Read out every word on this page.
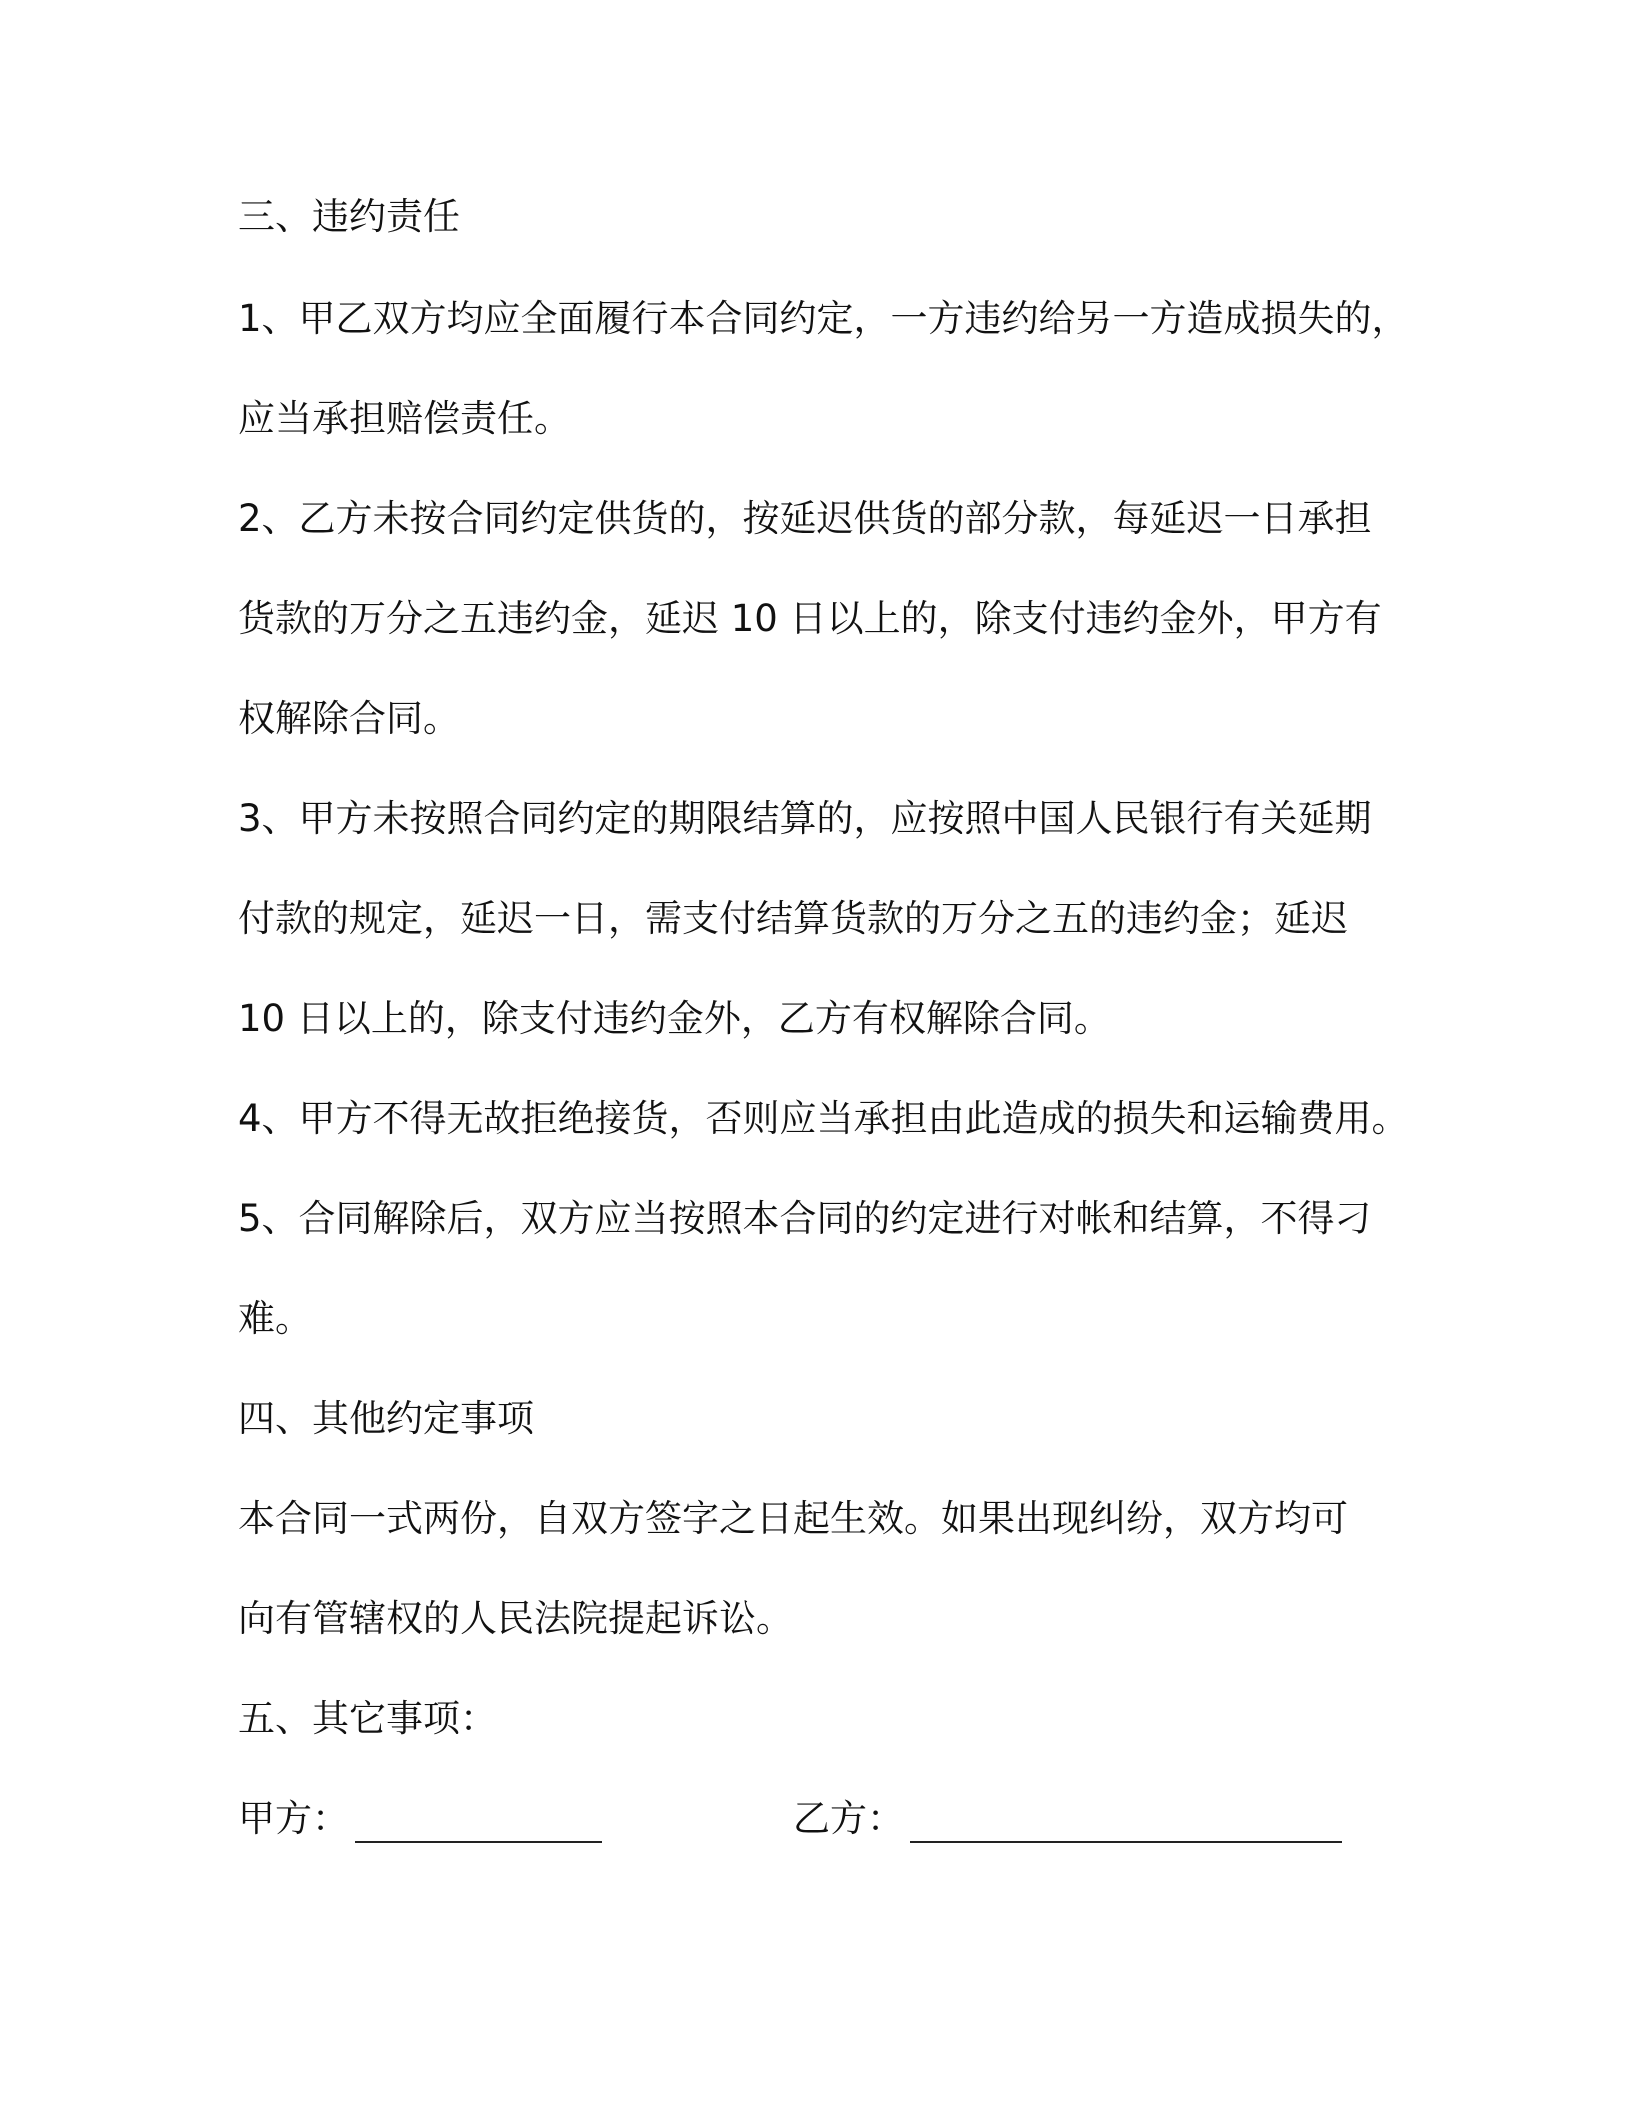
三、违约责任
1、甲乙双方均应全面履行本合同约定，一方违约给另一方造成损失的，
应当承担赔偿责任。
2、乙方未按合同约定供货的，按延迟供货的部分款，每延迟一日承担
货款的万分之五违约金，延迟 10 日以上的，除支付违约金外，甲方有
权解除合同。
3、甲方未按照合同约定的期限结算的，应按照中国人民银行有关延期
付款的规定，延迟一日，需支付结算货款的万分之五的违约金；延迟
10 日以上的，除支付违约金外，乙方有权解除合同。
4、甲方不得无故拒绝接货，否则应当承担由此造成的损失和运输费用。
5、合同解除后，双方应当按照本合同的约定进行对帐和结算，不得刁
难。
四、其他约定事项
本合同一式两份，自双方签字之日起生效。如果出现纠纷，双方均可
向有管辖权的人民法院提起诉讼。
五、其它事项：
甲方：	乙方：
